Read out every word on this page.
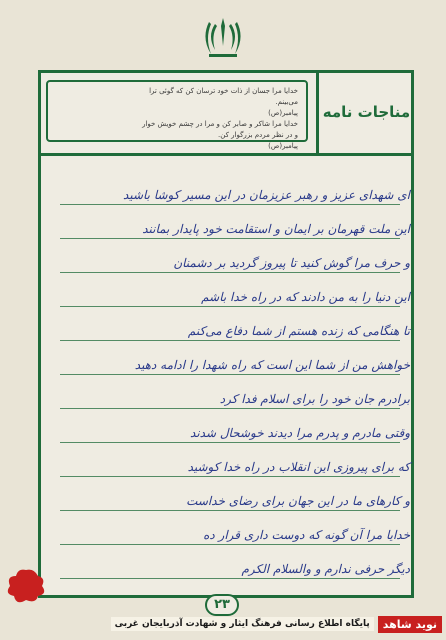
خدایا مرا جسان از ذات خود ترسان کن که گوئی ترا
می‌بینم.
پیامبر(ص)
خدایا مرا شاکر و صابر کن و مرا در چشم خویش خوار
و در نظر مردم بزرگوار کن.
پیامبر(ص)
مناجات نامه
ای شهدای عزیز و رهبر عزیزمان در این مسیر کوشا باشید
این ملت قهرمان بر ایمان و استقامت خود پایدار بمانند
و حرف مرا گوش کنید تا پیروز گردید بر دشمنان
این دنیا را به من دادند که در راه خدا باشم
تا هنگامی که زنده هستم از شما دفاع می‌کنم
خواهش من از شما این است که راه شهدا را ادامه دهید
برادرم جان خود را برای اسلام فدا کرد
وقتی مادرم و پدرم مرا دیدند خوشحال شدند
که برای پیروزی این انقلاب در راه خدا کوشید
و کارهای ما در این جهان برای رضای خداست
خدایا مرا آن گونه که دوست داری قرار ده
دیگر حرفی ندارم و والسلام الکرم
۲۳
نوید شاهد
پایگاه اطلاع رسانی فرهنگ ایثار و شهادت آذربایجان غربی
